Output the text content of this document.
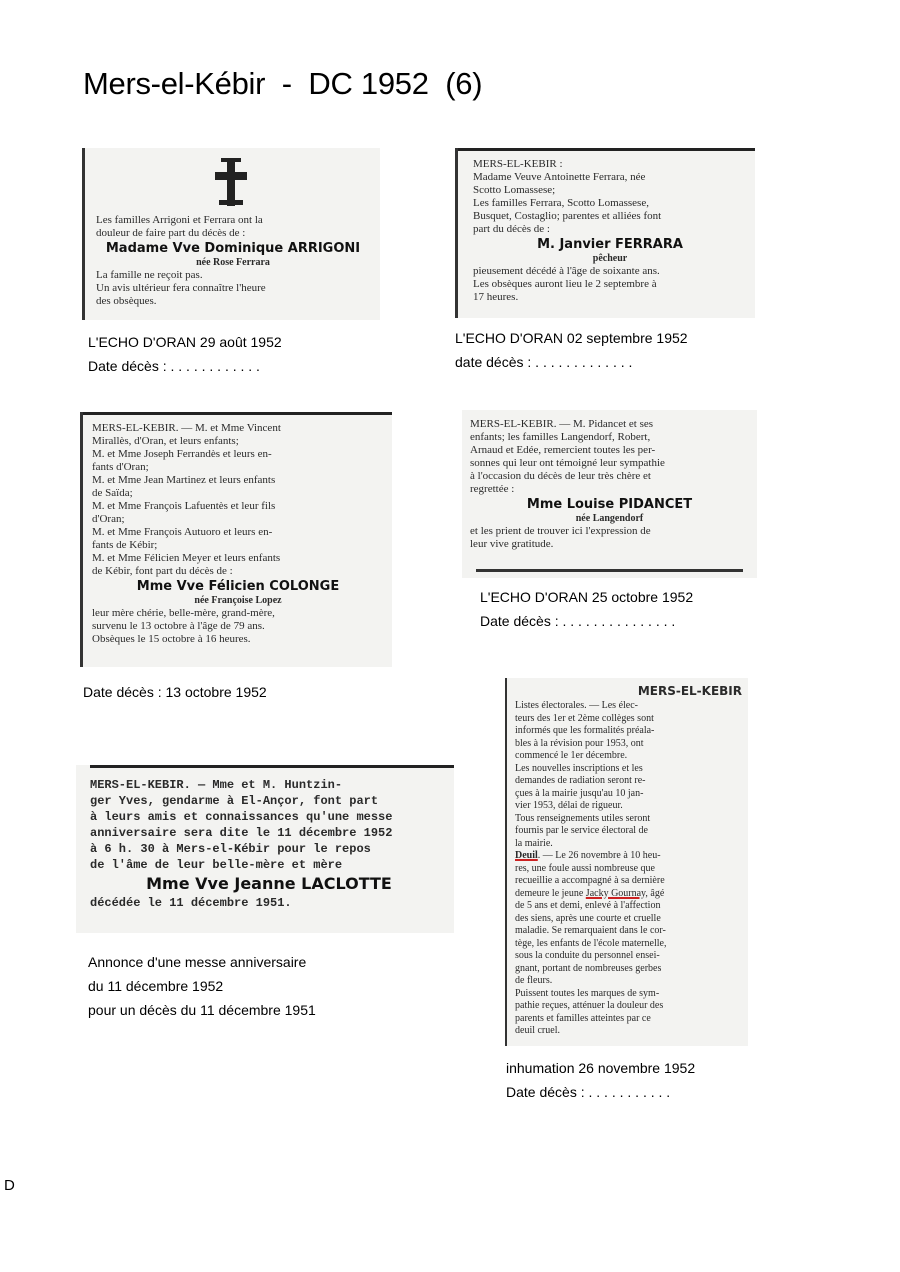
Mers-el-Kébir  -  DC 1952  (6)
Les familles Arrigoni et Ferrara ont la
douleur de faire part du décès de :
Madame Vve Dominique ARRIGONI
née Rose Ferrara
La famille ne reçoit pas.
Un avis ultérieur fera connaître l'heure
des obsèques.
L'ECHO D'ORAN 29 août 1952
Date décès : . . . . . . . . . . . .
MERS-EL-KEBIR :
Madame Veuve Antoinette Ferrara, née
Scotto Lomassese;
Les familles Ferrara, Scotto Lomassese,
Busquet, Costaglio; parentes et alliées font
part du décès de :
M. Janvier FERRARA
pêcheur
pieusement décédé à l'âge de soixante ans.
Les obsèques auront lieu le 2 septembre à
17 heures.
L'ECHO D'ORAN 02 septembre 1952
date décès : . . . . . . . . . . . . .
MERS-EL-KEBIR. — M. et Mme Vincent
Mirallès, d'Oran, et leurs enfants;
M. et Mme Joseph Ferrandès et leurs en-
fants d'Oran;
M. et Mme Jean Martinez et leurs enfants
de Saïda;
M. et Mme François Lafuentès et leur fils
d'Oran;
M. et Mme François Autuoro et leurs en-
fants de Kébir;
M. et Mme Félicien Meyer et leurs enfants
de Kébir, font part du décès de :
Mme Vve Félicien COLONGE
née Françoise Lopez
leur mère chérie, belle-mère, grand-mère,
survenu le 13 octobre à l'âge de 79 ans.
Obsèques le 15 octobre à 16 heures.
Date décès : 13 octobre 1952
MERS-EL-KEBIR. — M. Pidancet et ses
enfants; les familles Langendorf, Robert,
Arnaud et Edée, remercient toutes les per-
sonnes qui leur ont témoigné leur sympathie
à l'occasion du décès de leur très chère et
regrettée :
Mme Louise PIDANCET
née Langendorf
et les prient de trouver ici l'expression de
leur vive gratitude.
L'ECHO D'ORAN 25 octobre 1952
Date décès : . . . . . . . . . . . . . . .
MERS-EL-KEBIR. — Mme et M. Huntzin-
ger Yves, gendarme à El-Ançor, font part
à leurs amis et connaissances qu'une messe
anniversaire sera dite le 11 décembre 1952
à 6 h. 30 à Mers-el-Kébir pour le repos
de l'âme de leur belle-mère et mère
Mme Vve Jeanne LACLOTTE
décédée le 11 décembre 1951.
Annonce d'une messe anniversaire
du 11 décembre 1952
pour un décès du 11 décembre 1951
MERS-EL-KEBIR
Listes électorales. — Les élec-
teurs des 1er et 2ème collèges sont
informés que les formalités préala-
bles à la révision pour 1953, ont
commencé le 1er décembre.
Les nouvelles inscriptions et les
demandes de radiation seront re-
çues à la mairie jusqu'au 10 jan-
vier 1953, délai de rigueur.
Tous renseignements utiles seront
fournis par le service électoral de
la mairie.
Deuil. — Le 26 novembre à 10 heu-
res, une foule aussi nombreuse que
recueillie a accompagné à sa dernière
demeure le jeune Jacky Gournay, âgé
de 5 ans et demi, enlevé à l'affection
des siens, après une courte et cruelle
maladie. Se remarquaient dans le cor-
tège, les enfants de l'école maternelle,
sous la conduite du personnel ensei-
gnant, portant de nombreuses gerbes
de fleurs.
Puissent toutes les marques de sym-
pathie reçues, atténuer la douleur des
parents et familles atteintes par ce
deuil cruel.
inhumation 26 novembre 1952
Date décès : . . . . . . . . . . .
D
